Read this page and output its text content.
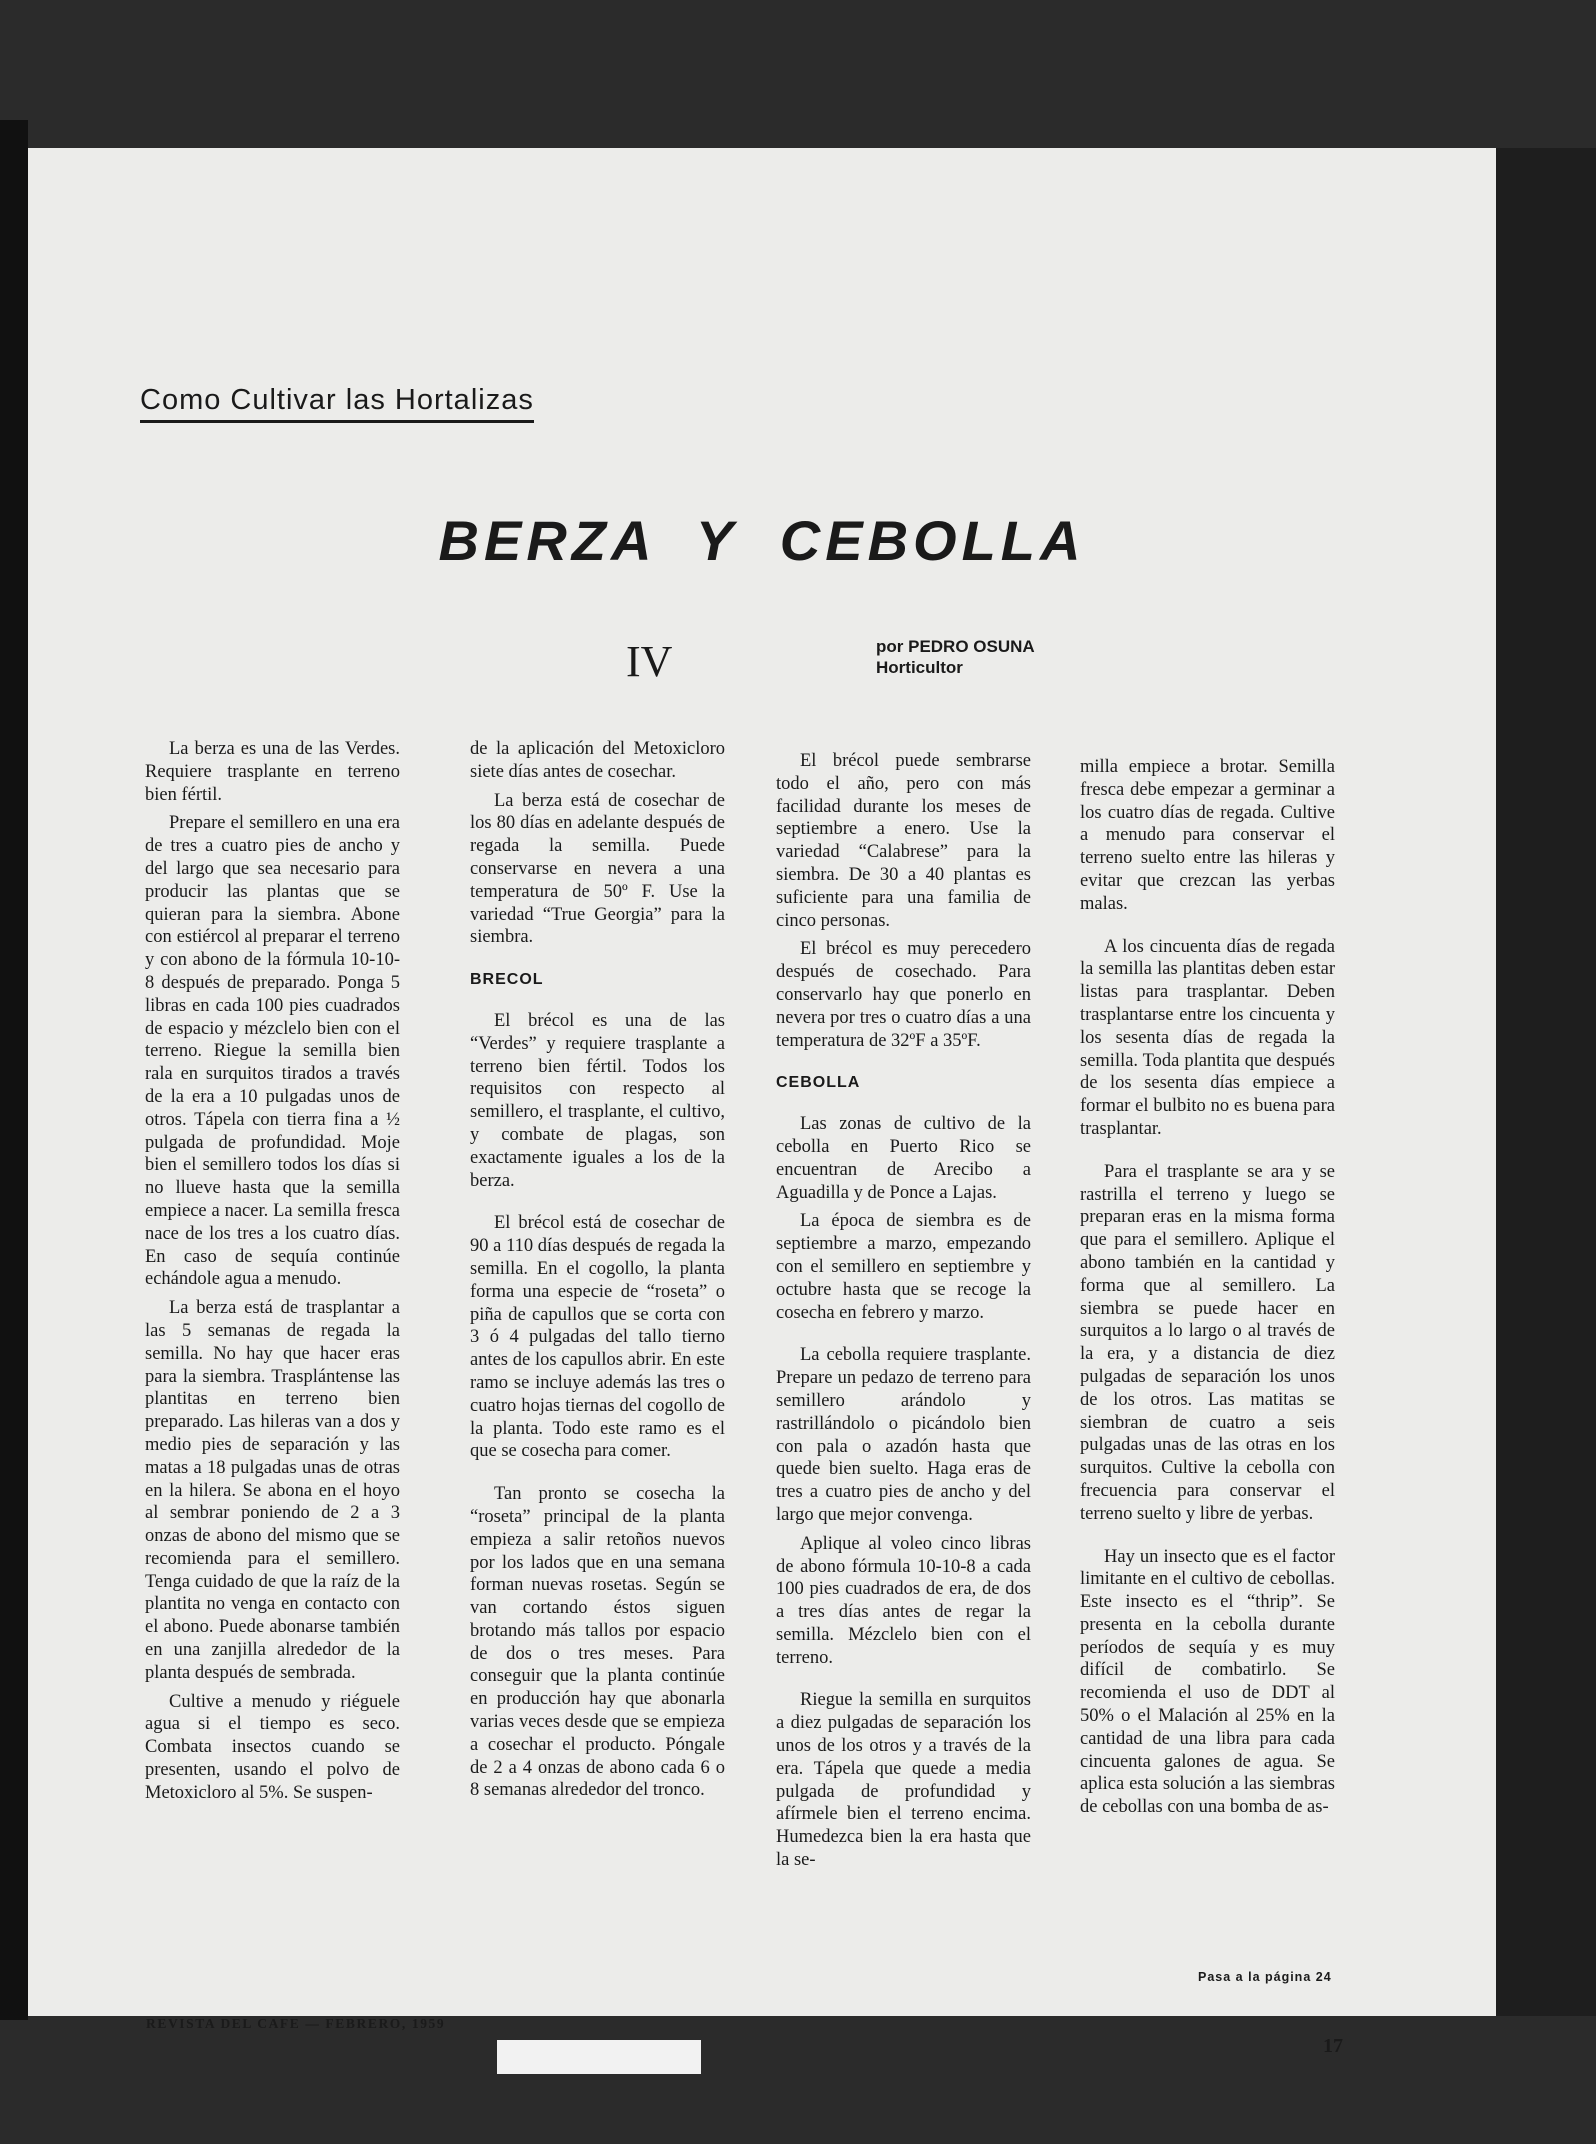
Como Cultivar las Hortalizas
BERZA Y CEBOLLA
IV	por PEDRO OSUNA
Horticultor

La berza es una de las Verdes. Requiere trasplante en terreno bien fértil.

Prepare el semillero en una era de tres a cuatro pies de ancho y del largo que sea necesario para producir las plantas que se quieran para la siembra. Abone con estiércol al preparar el terreno y con abono de la fórmula 10-10-8 después de preparado. Ponga 5 libras en cada 100 pies cuadrados de espacio y mézclelo bien con el terreno. Riegue la semilla bien rala en surquitos tirados a través de la era a 10 pulgadas unos de otros. Tápela con tierra fina a ½ pulgada de profundidad. Moje bien el semillero todos los días si no llueve hasta que la semilla empiece a nacer. La semilla fresca nace de los tres a los cuatro días. En caso de sequía continúe echándole agua a menudo.

La berza está de trasplantar a las 5 semanas de regada la semilla. No hay que hacer eras para la siembra. Trasplántense las plantitas en terreno bien preparado. Las hileras van a dos y medio pies de separación y las matas a 18 pulgadas unas de otras en la hilera. Se abona en el hoyo al sembrar poniendo de 2 a 3 onzas de abono del mismo que se recomienda para el semillero. Tenga cuidado de que la raíz de la plantita no venga en contacto con el abono. Puede abonarse también en una zanjilla alrededor de la planta después de sembrada.

Cultive a menudo y riéguele agua si el tiempo es seco. Combata insectos cuando se presenten, usando el polvo de Metoxicloro al 5%. Se suspen-

de la aplicación del Metoxicloro siete días antes de cosechar.

La berza está de cosechar de los 80 días en adelante después de regada la semilla. Puede conservarse en nevera a una temperatura de 50º F. Use la variedad “True Georgia” para la siembra.

BRECOL

El brécol es una de las “Verdes” y requiere trasplante a terreno bien fértil. Todos los requisitos con respecto al semillero, el trasplante, el cultivo, y combate de plagas, son exactamente iguales a los de la berza.

El brécol está de cosechar de 90 a 110 días después de regada la semilla. En el cogollo, la planta forma una especie de “roseta” o piña de capullos que se corta con 3 ó 4 pulgadas del tallo tierno antes de los capullos abrir. En este ramo se incluye además las tres o cuatro hojas tiernas del cogollo de la planta. Todo este ramo es el que se cosecha para comer.

Tan pronto se cosecha la “roseta” principal de la planta empieza a salir retoños nuevos por los lados que en una semana forman nuevas rosetas. Según se van cortando éstos siguen brotando más tallos por espacio de dos o tres meses. Para conseguir que la planta continúe en producción hay que abonarla varias veces desde que se empieza a cosechar el producto. Póngale de 2 a 4 onzas de abono cada 6 o 8 semanas alrededor del tronco.

El brécol puede sembrarse todo el año, pero con más facilidad durante los meses de septiembre a enero. Use la variedad “Calabrese” para la siembra. De 30 a 40 plantas es suficiente para una familia de cinco personas.

El brécol es muy perecedero después de cosechado. Para conservarlo hay que ponerlo en nevera por tres o cuatro días a una temperatura de 32ºF a 35ºF.

CEBOLLA

Las zonas de cultivo de la cebolla en Puerto Rico se encuentran de Arecibo a Aguadilla y de Ponce a Lajas.

La época de siembra es de septiembre a marzo, empezando con el semillero en septiembre y octubre hasta que se recoge la cosecha en febrero y marzo.

La cebolla requiere trasplante. Prepare un pedazo de terreno para semillero arándolo y rastrillándolo o picándolo bien con pala o azadón hasta que quede bien suelto. Haga eras de tres a cuatro pies de ancho y del largo que mejor convenga.

Aplique al voleo cinco libras de abono fórmula 10-10-8 a cada 100 pies cuadrados de era, de dos a tres días antes de regar la semilla. Mézclelo bien con el terreno.

Riegue la semilla en surquitos a diez pulgadas de separación los unos de los otros y a través de la era. Tápela que quede a media pulgada de profundidad y afírmele bien el terreno encima. Humedezca bien la era hasta que la se-

milla empiece a brotar. Semilla fresca debe empezar a germinar a los cuatro días de regada. Cultive a menudo para conservar el terreno suelto entre las hileras y evitar que crezcan las yerbas malas.

A los cincuenta días de regada la semilla las plantitas deben estar listas para trasplantar. Deben trasplantarse entre los cincuenta y los sesenta días de regada la semilla. Toda plantita que después de los sesenta días empiece a formar el bulbito no es buena para trasplantar.

Para el trasplante se ara y se rastrilla el terreno y luego se preparan eras en la misma forma que para el semillero. Aplique el abono también en la cantidad y forma que al semillero. La siembra se puede hacer en surquitos a lo largo o al través de la era, y a distancia de diez pulgadas de separación los unos de los otros. Las matitas se siembran de cuatro a seis pulgadas unas de las otras en los surquitos. Cultive la cebolla con frecuencia para conservar el terreno suelto y libre de yerbas.

Hay un insecto que es el factor limitante en el cultivo de cebollas. Este insecto es el “thrip”. Se presenta en la cebolla durante períodos de sequía y es muy difícil de combatirlo. Se recomienda el uso de DDT al 50% o el Malación al 25% en la cantidad de una libra para cada cincuenta galones de agua. Se aplica esta solución a las siembras de cebollas con una bomba de as-

Pasa a la página 24
REVISTA DEL CAFE — FEBRERO, 1959
17
